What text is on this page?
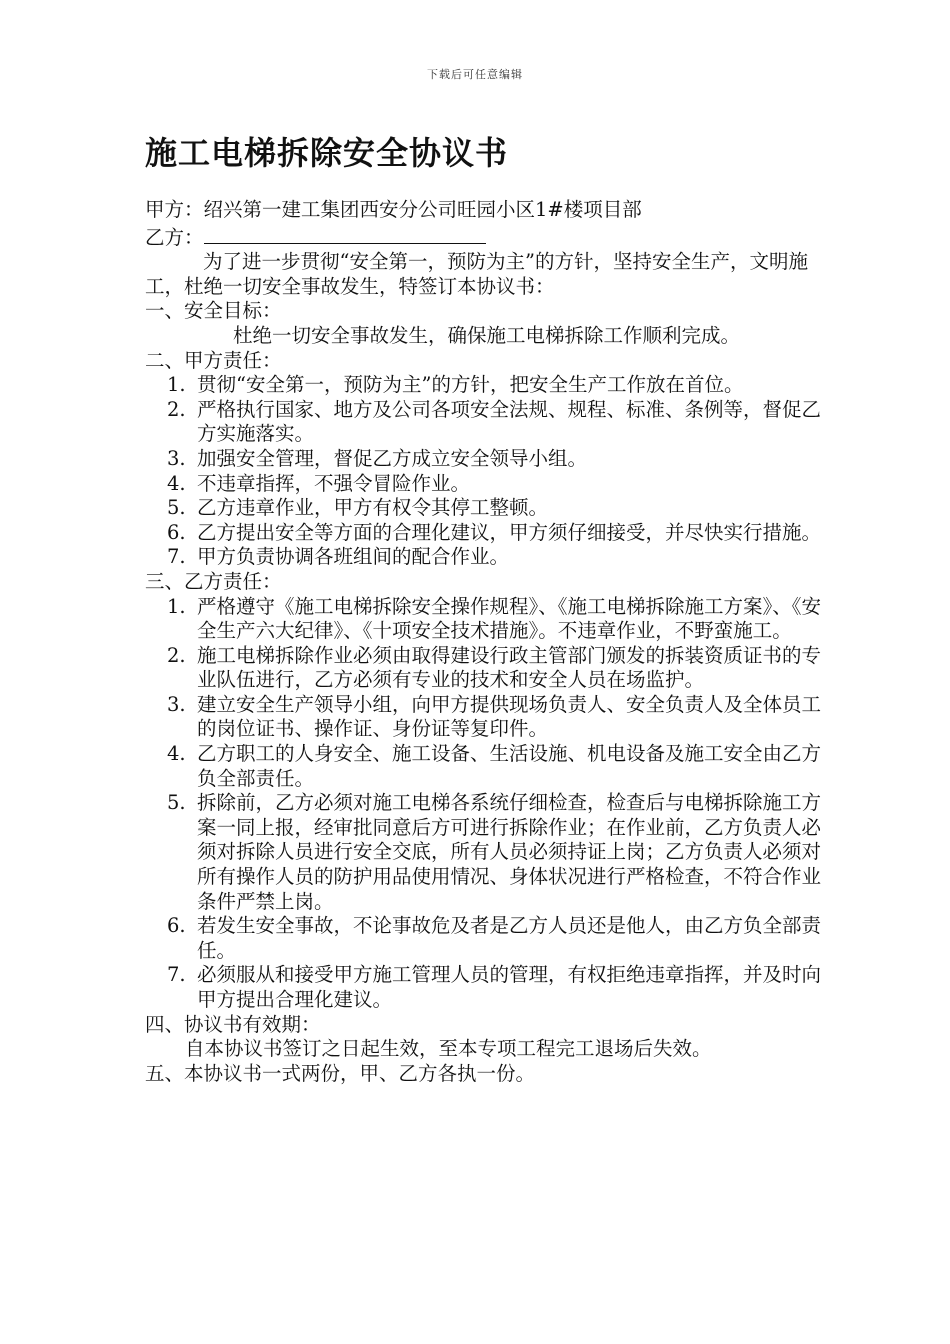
下载后可任意编辑
施工电梯拆除安全协议书
甲方：绍兴第一建工集团西安分公司旺园小区1#楼项目部
乙方：
为了进一步贯彻“安全第一，预防为主”的方针，坚持安全生产，文明施工，杜绝一切安全事故发生，特签订本协议书：
一、安全目标：
杜绝一切安全事故发生，确保施工电梯拆除工作顺利完成。
二、甲方责任：
1. 贯彻“安全第一，预防为主”的方针，把安全生产工作放在首位。
2. 严格执行国家、地方及公司各项安全法规、规程、标准、条例等，督促乙方实施落实。
3. 加强安全管理，督促乙方成立安全领导小组。
4. 不违章指挥，不强令冒险作业。
5. 乙方违章作业，甲方有权令其停工整顿。
6. 乙方提出安全等方面的合理化建议，甲方须仔细接受，并尽快实行措施。
7. 甲方负责协调各班组间的配合作业。
三、乙方责任：
1. 严格遵守《施工电梯拆除安全操作规程》、《施工电梯拆除施工方案》、《安全生产六大纪律》、《十项安全技术措施》。不违章作业，不野蛮施工。
2. 施工电梯拆除作业必须由取得建设行政主管部门颁发的拆装资质证书的专业队伍进行，乙方必须有专业的技术和安全人员在场监护。
3. 建立安全生产领导小组，向甲方提供现场负责人、安全负责人及全体员工的岗位证书、操作证、身份证等复印件。
4. 乙方职工的人身安全、施工设备、生活设施、机电设备及施工安全由乙方负全部责任。
5. 拆除前，乙方必须对施工电梯各系统仔细检查，检查后与电梯拆除施工方案一同上报，经审批同意后方可进行拆除作业；在作业前，乙方负责人必须对拆除人员进行安全交底，所有人员必须持证上岗；乙方负责人必须对所有操作人员的防护用品使用情况、身体状况进行严格检查，不符合作业条件严禁上岗。
6. 若发生安全事故，不论事故危及者是乙方人员还是他人，由乙方负全部责任。
7. 必须服从和接受甲方施工管理人员的管理，有权拒绝违章指挥，并及时向甲方提出合理化建议。
四、协议书有效期：
自本协议书签订之日起生效，至本专项工程完工退场后失效。
五、本协议书一式两份，甲、乙方各执一份。
